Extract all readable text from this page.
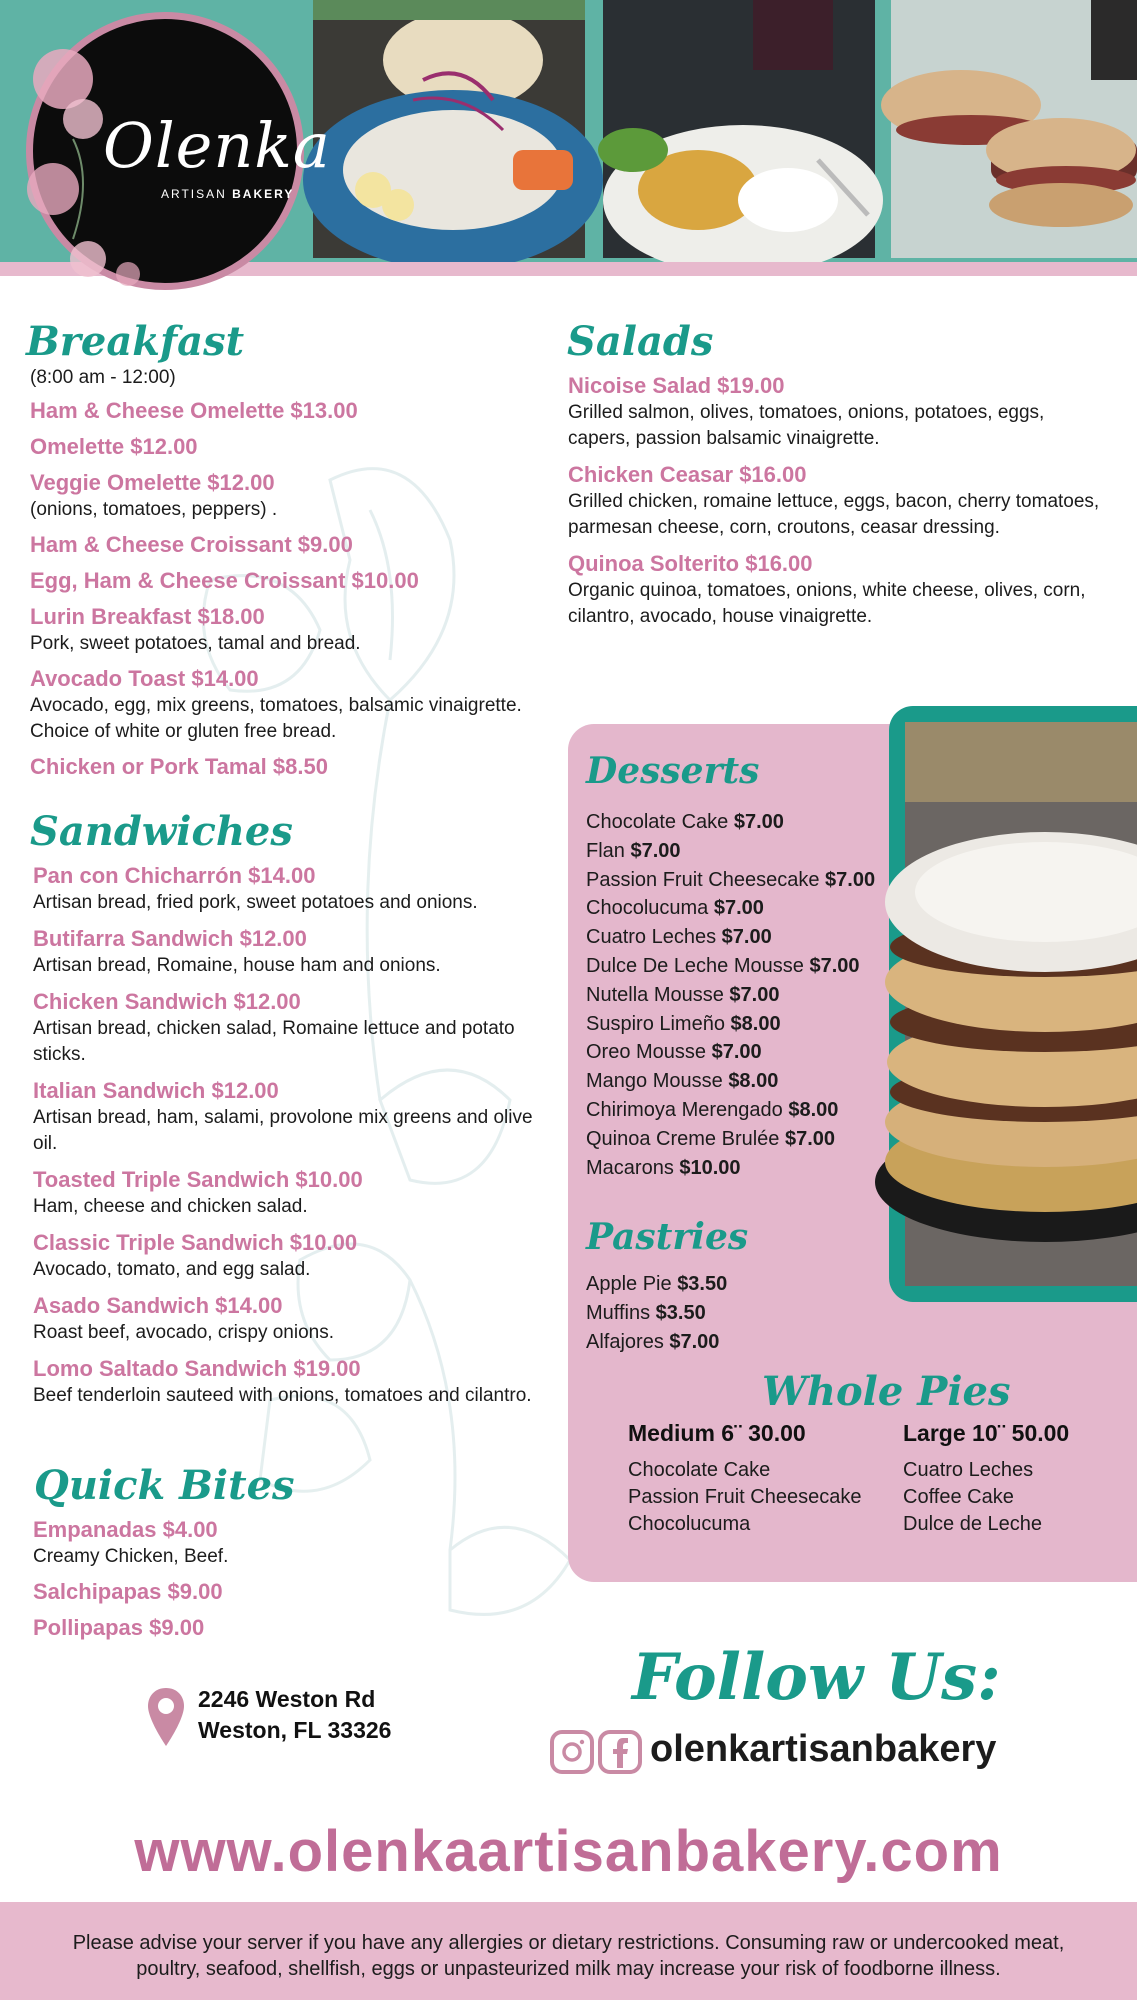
Olenka
ARTISAN BAKERY
Breakfast
(8:00 am - 12:00)
Ham & Cheese Omelette $13.00
Omelette $12.00
Veggie Omelette $12.00
(onions, tomatoes, peppers) .
Ham & Cheese Croissant $9.00
Egg, Ham & Cheese Croissant $10.00
Lurin Breakfast $18.00
Pork, sweet potatoes, tamal and bread.
Avocado Toast $14.00
Avocado, egg, mix greens, tomatoes, balsamic vinaigrette. Choice of white or gluten free bread.
Chicken or Pork Tamal $8.50
Sandwiches
Pan con Chicharrón $14.00
Artisan bread, fried pork, sweet potatoes and onions.
Butifarra Sandwich $12.00
Artisan bread, Romaine, house ham and onions.
Chicken Sandwich $12.00
Artisan bread, chicken salad, Romaine lettuce and potato sticks.
Italian Sandwich $12.00
Artisan bread, ham, salami, provolone mix greens and olive oil.
Toasted Triple Sandwich $10.00
Ham, cheese and chicken salad.
Classic Triple Sandwich $10.00
Avocado, tomato, and egg salad.
Asado Sandwich $14.00
Roast beef, avocado, crispy onions.
Lomo Saltado Sandwich $19.00
Beef tenderloin sauteed with onions, tomatoes and cilantro.
Quick Bites
Empanadas $4.00
Creamy Chicken, Beef.
Salchipapas $9.00
Pollipapas $9.00
Salads
Nicoise Salad $19.00
Grilled salmon, olives, tomatoes, onions, potatoes, eggs, capers, passion balsamic vinaigrette.
Chicken Ceasar $16.00
Grilled chicken, romaine lettuce, eggs, bacon, cherry tomatoes, parmesan cheese, corn, croutons, ceasar dressing.
Quinoa Solterito $16.00
Organic quinoa, tomatoes, onions, white cheese, olives, corn, cilantro, avocado, house vinaigrette.
Desserts
Chocolate Cake $7.00
Flan $7.00
Passion Fruit Cheesecake $7.00
Chocolucuma $7.00
Cuatro Leches $7.00
Dulce De Leche Mousse $7.00
Nutella Mousse $7.00
Suspiro Limeño $8.00
Oreo Mousse $7.00
Mango Mousse $8.00
Chirimoya Merengado $8.00
Quinoa Creme Brulée $7.00
Macarons $10.00
Pastries
Apple Pie $3.50
Muffins $3.50
Alfajores $7.00
Whole Pies
Medium 6¨ 30.00
Chocolate Cake
Passion Fruit Cheesecake
Chocolucuma
Large 10¨ 50.00
Cuatro Leches
Coffee Cake
Dulce de Leche
2246 Weston Rd
Weston, FL 33326
Follow Us:
olenkartisanbakery
www.olenkaartisanbakery.com
Please advise your server if you have any allergies or dietary restrictions. Consuming raw or undercooked meat, poultry, seafood, shellfish, eggs or unpasteurized milk may increase your risk of foodborne illness.
